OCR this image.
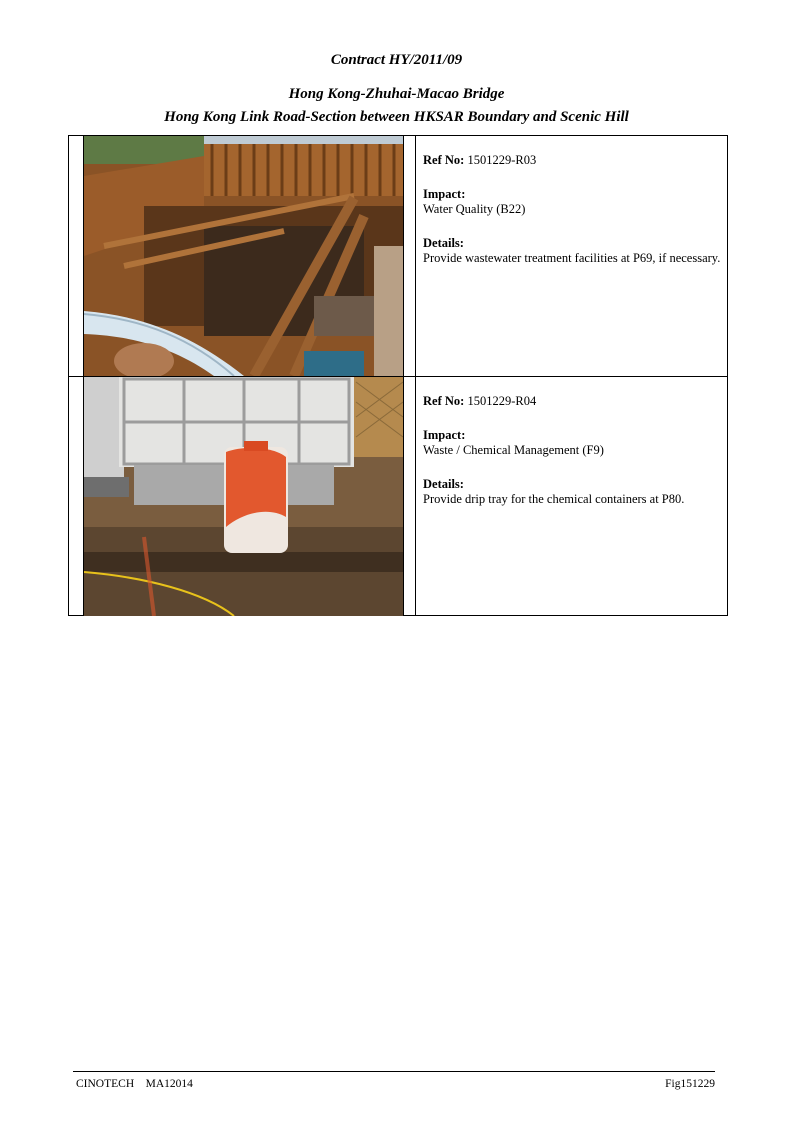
Contract HY/2011/09
Hong Kong-Zhuhai-Macao Bridge
Hong Kong Link Road-Section between HKSAR Boundary and Scenic Hill
Ref No: 1501229-R03
Impact:
Water Quality (B22)
Details:
Provide wastewater treatment facilities at P69, if necessary.
Ref No: 1501229-R04
Impact:
Waste / Chemical Management (F9)
Details:
Provide drip tray for the chemical containers at P80.
CINOTECH    MA12014	Fig151229
